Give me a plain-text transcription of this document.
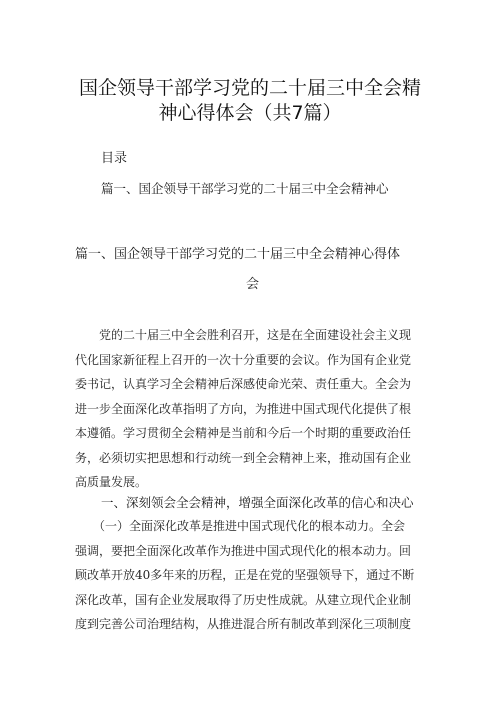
国企领导干部学习党的二十届三中全会精
神心得体会（共7篇）
目录
篇一、国企领导干部学习党的二十届三中全会精神心
篇一、国企领导干部学习党的二十届三中全会精神心得体
会
　　党的二十届三中全会胜利召开，这是在全面建设社会主义现
代化国家新征程上召开的一次十分重要的会议。作为国有企业党
委书记，认真学习全会精神后深感使命光荣、责任重大。全会为
进一步全面深化改革指明了方向，为推进中国式现代化提供了根
本遵循。学习贯彻全会精神是当前和今后一个时期的重要政治任
务，必须切实把思想和行动统一到全会精神上来，推动国有企业
高质量发展。
一、深刻领会全会精神，增强全面深化改革的信心和决心
　　（一）全面深化改革是推进中国式现代化的根本动力。全会
强调，要把全面深化改革作为推进中国式现代化的根本动力。回
顾改革开放40多年来的历程，正是在党的坚强领导下，通过不断
深化改革，国有企业发展取得了历史性成就。从建立现代企业制
度到完善公司治理结构，从推进混合所有制改革到深化三项制度
